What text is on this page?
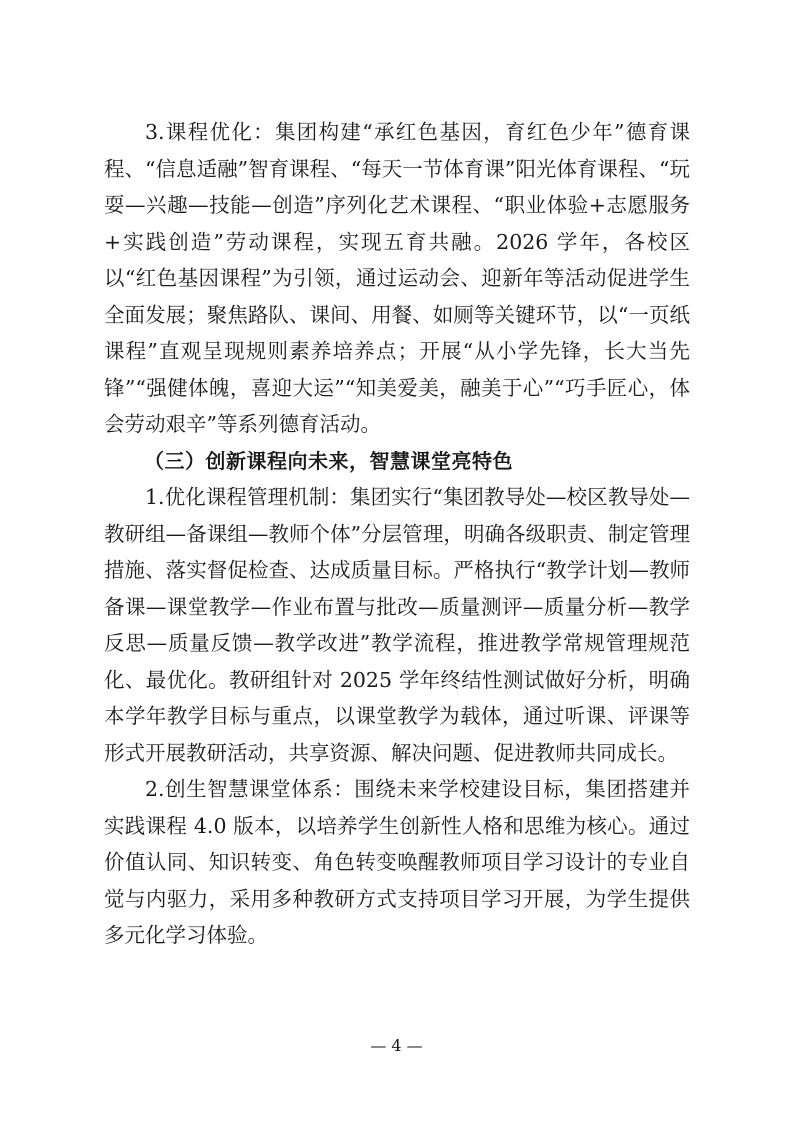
3.课程优化：集团构建“承红色基因，育红色少年”德育课程、“信息适融”智育课程、“每天一节体育课”阳光体育课程、“玩耍—兴趣—技能—创造”序列化艺术课程、“职业体验+志愿服务+实践创造”劳动课程，实现五育共融。2026 学年，各校区以“红色基因课程”为引领，通过运动会、迎新年等活动促进学生全面发展；聚焦路队、课间、用餐、如厕等关键环节，以“一页纸课程”直观呈现规则素养培养点；开展“从小学先锋，长大当先锋”“强健体魄，喜迎大运”“知美爱美，融美于心”“巧手匠心，体会劳动艰辛”等系列德育活动。

（三）创新课程向未来，智慧课堂亮特色

1.优化课程管理机制：集团实行“集团教导处—校区教导处—教研组—备课组—教师个体”分层管理，明确各级职责、制定管理措施、落实督促检查、达成质量目标。严格执行“教学计划—教师备课—课堂教学—作业布置与批改—质量测评—质量分析—教学反思—质量反馈—教学改进”教学流程，推进教学常规管理规范化、最优化。教研组针对 2025 学年终结性测试做好分析，明确本学年教学目标与重点，以课堂教学为载体，通过听课、评课等形式开展教研活动，共享资源、解决问题、促进教师共同成长。

2.创生智慧课堂体系：围绕未来学校建设目标，集团搭建并实践课程 4.0 版本，以培养学生创新性人格和思维为核心。通过价值认同、知识转变、角色转变唤醒教师项目学习设计的专业自觉与内驱力，采用多种教研方式支持项目学习开展，为学生提供多元化学习体验。

— 4 —
